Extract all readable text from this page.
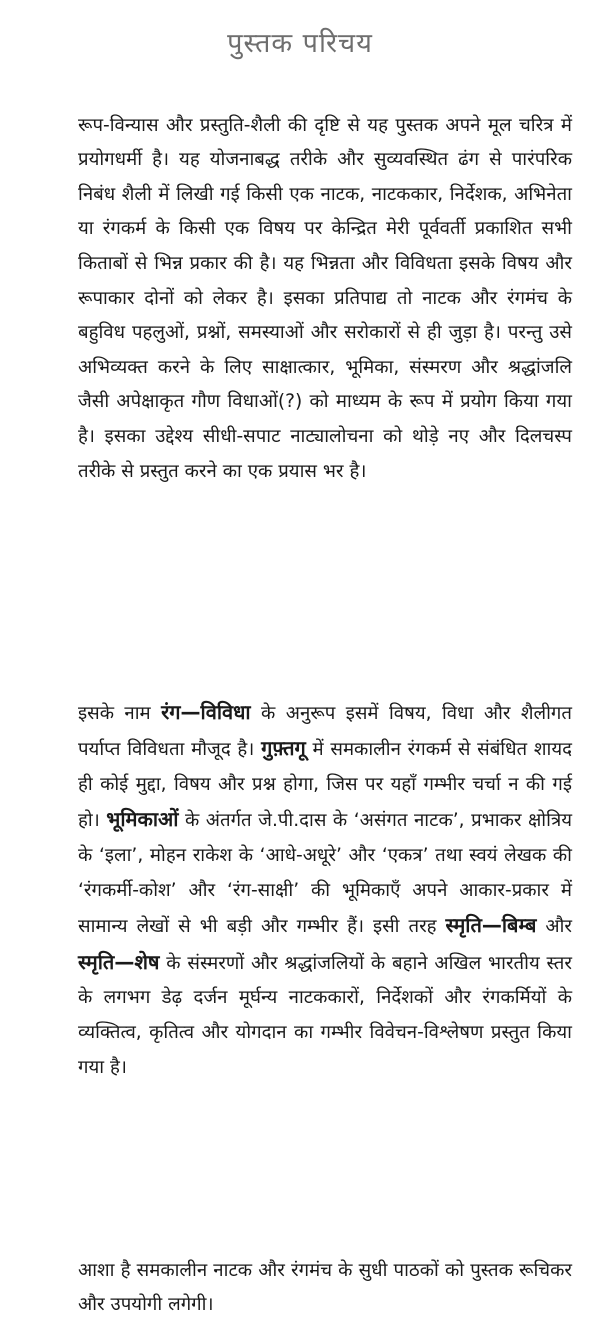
पुस्तक परिचय

रूप-विन्यास और प्रस्तुति-शैली की दृष्टि से यह पुस्तक अपने मूल चरित्र में प्रयोगधर्मी है। यह योजनाबद्ध तरीके और सुव्यवस्थित ढंग से पारंपरिक निबंध शैली में लिखी गई किसी एक नाटक, नाटककार, निर्देशक, अभिनेता या रंगकर्म के किसी एक विषय पर केन्द्रित मेरी पूर्ववर्ती प्रकाशित सभी किताबों से भिन्न प्रकार की है। यह भिन्नता और विविधता इसके विषय और रूपाकार दोनों को लेकर है। इसका प्रतिपाद्य तो नाटक और रंगमंच के बहुविध पहलुओं, प्रश्नों, समस्याओं और सरोकारों से ही जुड़ा है। परन्तु उसे अभिव्यक्त करने के लिए साक्षात्कार, भूमिका, संस्मरण और श्रद्धांजलि जैसी अपेक्षाकृत गौण विधाओं(?) को माध्यम के रूप में प्रयोग किया गया है। इसका उद्देश्य सीधी-सपाट नाट्यालोचना को थोड़े नए और दिलचस्प तरीके से प्रस्तुत करने का एक प्रयास भर है।

इसके नाम रंग—विविधा के अनुरूप इसमें विषय, विधा और शैलीगत पर्याप्त विविधता मौजूद है। गुफ़्तगू में समकालीन रंगकर्म से संबंधित शायद ही कोई मुद्दा, विषय और प्रश्न होगा, जिस पर यहाँ गम्भीर चर्चा न की गई हो। भूमिकाओं के अंतर्गत जे.पी.दास के ‘असंगत नाटक’, प्रभाकर क्षोत्रिय के ‘इला’, मोहन राकेश के ‘आधे-अधूरे’ और ‘एकत्र’ तथा स्वयं लेखक की ‘रंगकर्मी-कोश’ और ‘रंग-साक्षी’ की भूमिकाएँ अपने आकार-प्रकार में सामान्य लेखों से भी बड़ी और गम्भीर हैं। इसी तरह स्मृति—बिम्ब और स्मृति—शेष के संस्मरणों और श्रद्धांजलियों के बहाने अखिल भारतीय स्तर के लगभग डेढ़ दर्जन मूर्घन्य नाटककारों, निर्देशकों और रंगकर्मियों के व्यक्तित्व, कृतित्व और योगदान का गम्भीर विवेचन-विश्लेषण प्रस्तुत किया गया है।

आशा है समकालीन नाटक और रंगमंच के सुधी पाठकों को पुस्तक रूचिकर और उपयोगी लगेगी।
